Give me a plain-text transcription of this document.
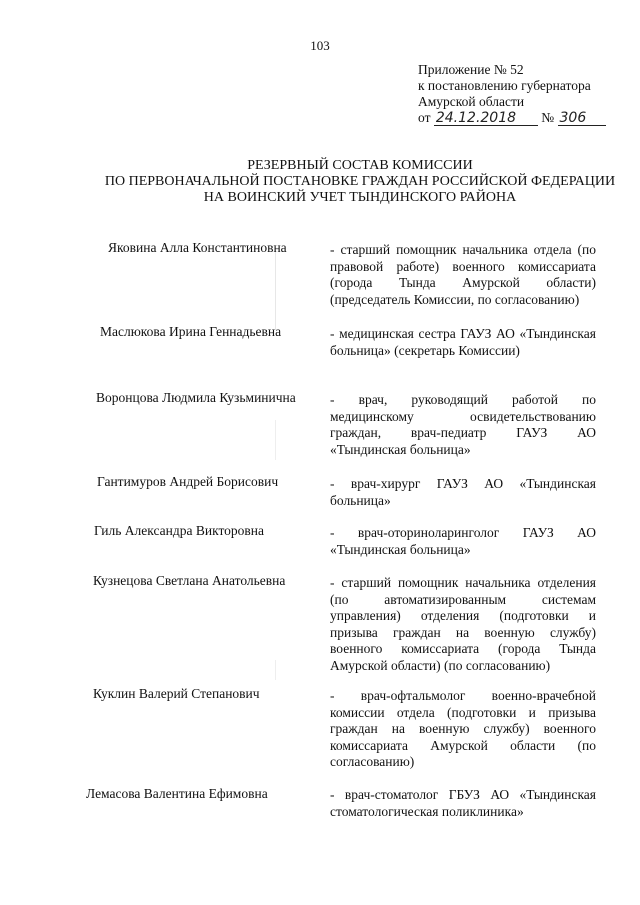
103
Приложение № 52
к постановлению губернатора
Амурской области
от 24.12.2018 № 306
РЕЗЕРВНЫЙ СОСТАВ КОМИССИИ
ПО ПЕРВОНАЧАЛЬНОЙ ПОСТАНОВКЕ ГРАЖДАН РОССИЙСКОЙ ФЕДЕРАЦИИ
НА ВОИНСКИЙ УЧЕТ ТЫНДИНСКОГО РАЙОНА
Яковина Алла Константиновна	- старший помощник начальника отдела (по правовой работе) военного комиссариата (города Тында Амурской области) (председатель Комиссии, по согласованию)
Маслюкова Ирина Геннадьевна	- медицинская сестра ГАУЗ АО «Тындинская больница» (секретарь Комиссии)
Воронцова Людмила Кузьминична	- врач, руководящий работой по медицинскому освидетельствованию граждан, врач-педиатр ГАУЗ АО «Тындинская больница»
Гантимуров Андрей Борисович	- врач-хирург ГАУЗ АО «Тындинская больница»
Гиль Александра Викторовна	- врач-оториноларинголог ГАУЗ АО «Тындинская больница»
Кузнецова Светлана Анатольевна	- старший помощник начальника отделения (по автоматизированным системам управления) отделения (подготовки и призыва граждан на военную службу) военного комиссариата (города Тында Амурской области) (по согласованию)
Куклин Валерий Степанович	- врач-офтальмолог военно-врачебной комиссии отдела (подготовки и призыва граждан на военную службу) военного комиссариата Амурской области (по согласованию)
Лемасова Валентина Ефимовна	- врач-стоматолог ГБУЗ АО «Тындинская стоматологическая поликлиника»
